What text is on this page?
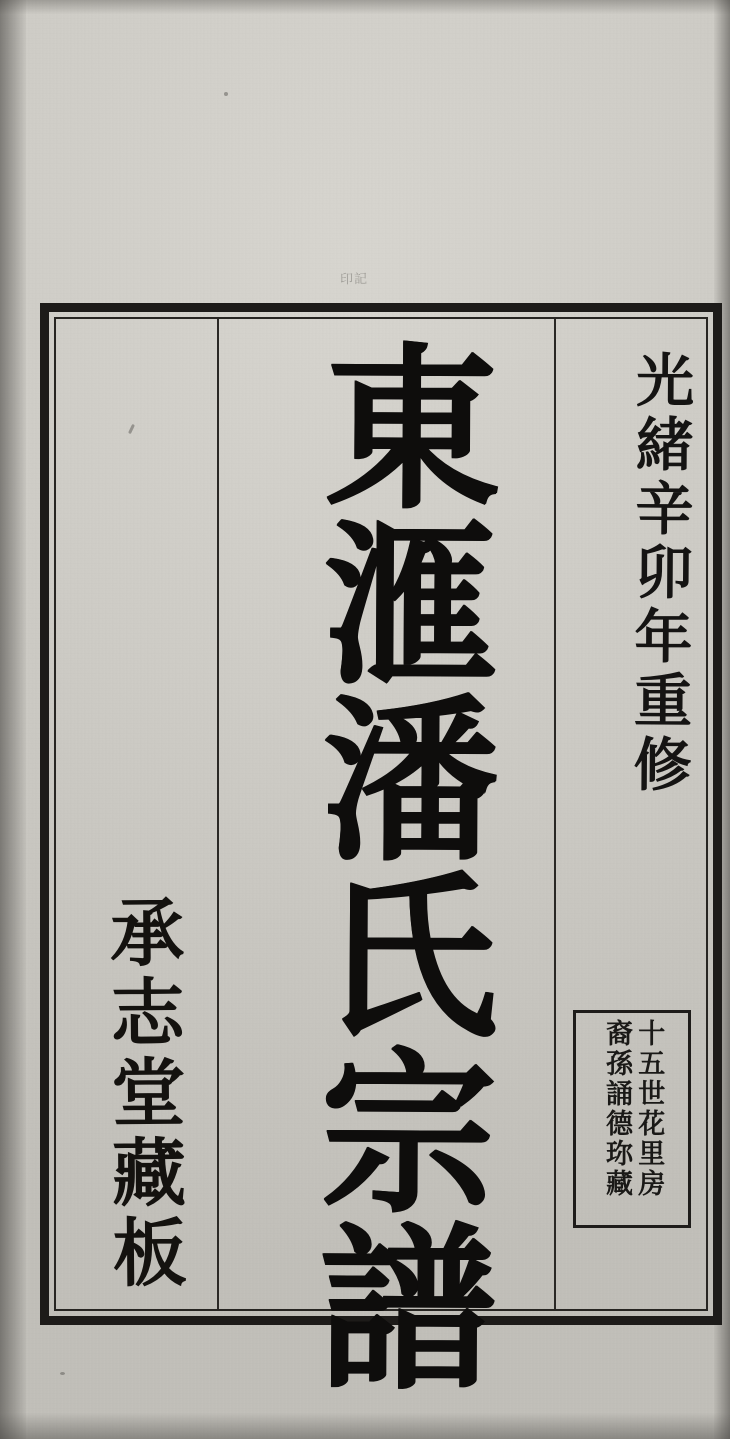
印記
光緒辛卯年重修
十五世花里房
裔孫誦德珎藏
東滙潘氏宗譜
承志堂藏板
